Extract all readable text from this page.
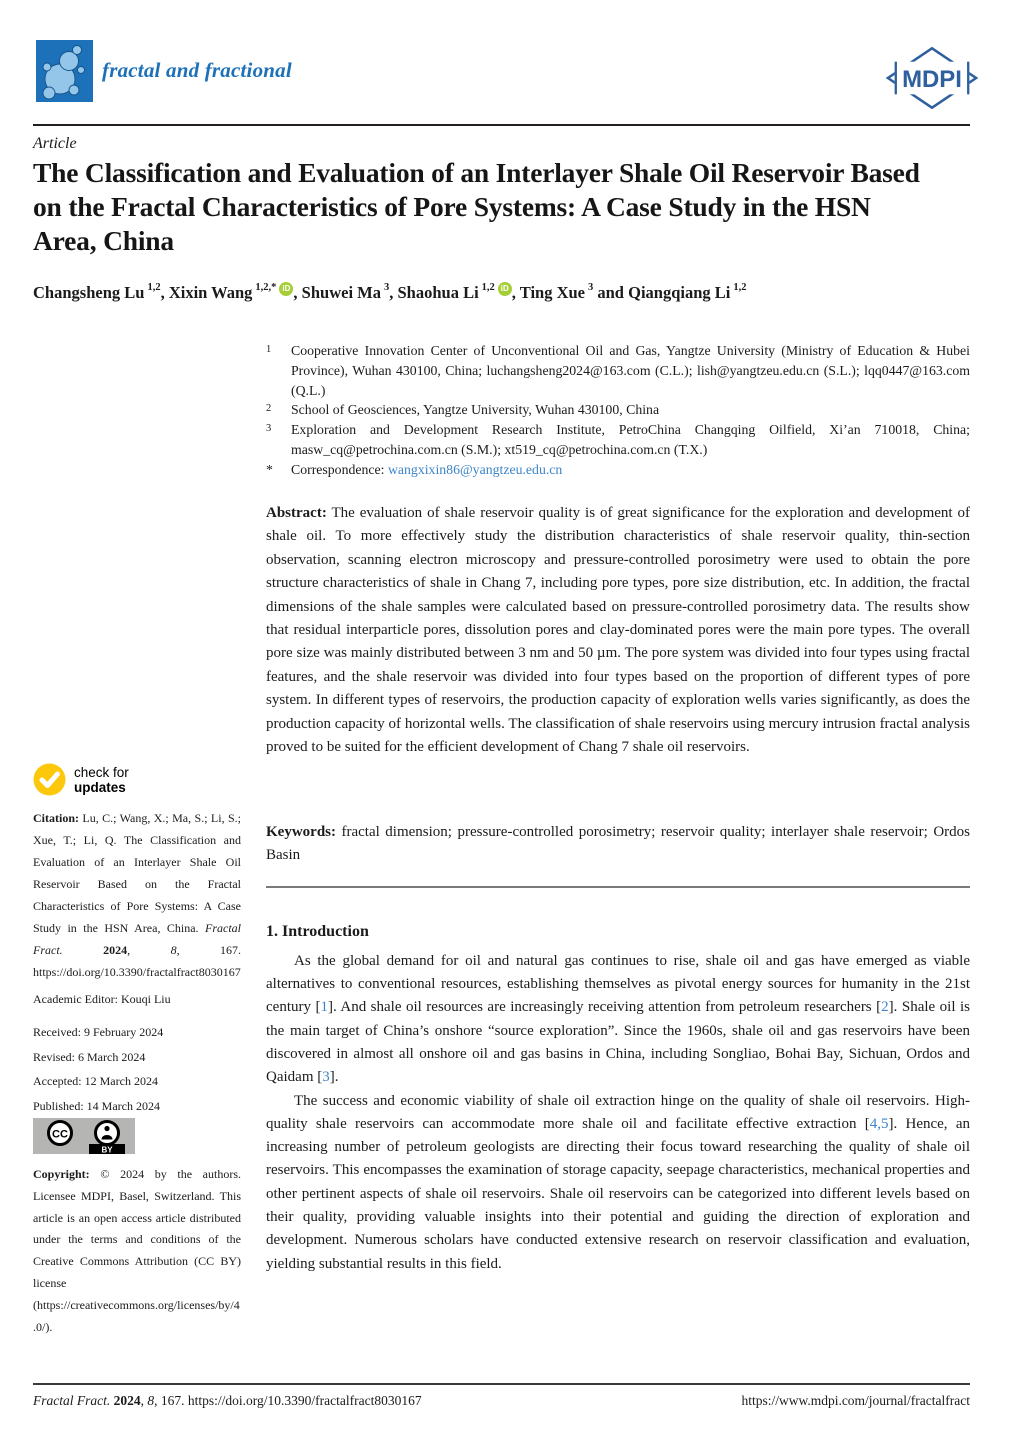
fractal and fractional	MDPI
Article
The Classification and Evaluation of an Interlayer Shale Oil Reservoir Based on the Fractal Characteristics of Pore Systems: A Case Study in the HSN Area, China
Changsheng Lu $^{1,2}$, Xixin Wang $^{1,2,*}$ iD , Shuwei Ma $^3$, Shaohua Li $^{1,2}$ iD , Ting Xue $^3$ and Qiangqiang Li $^{1,2}$
1	Cooperative Innovation Center of Unconventional Oil and Gas, Yangtze University (Ministry of Education & Hubei Province), Wuhan 430100, China; luchangsheng2024@163.com (C.L.); lish@yangtzeu.edu.cn (S.L.); lqq0447@163.com (Q.L.)
2	School of Geosciences, Yangtze University, Wuhan 430100, China
3	Exploration and Development Research Institute, PetroChina Changqing Oilfield, Xi’an 710018, China; masw_cq@petrochina.com.cn (S.M.); xt519_cq@petrochina.com.cn (T.X.)
*	Correspondence: wangxixin86@yangtzeu.edu.cn

Abstract: The evaluation of shale reservoir quality is of great significance for the exploration and development of shale oil. To more effectively study the distribution characteristics of shale reservoir quality, thin-section observation, scanning electron microscopy and pressure-controlled porosimetry were used to obtain the pore structure characteristics of shale in Chang 7, including pore types, pore size distribution, etc. In addition, the fractal dimensions of the shale samples were calculated based on pressure-controlled porosimetry data. The results show that residual interparticle pores, dissolution pores and clay-dominated pores were the main pore types. The overall pore size was mainly distributed between 3 nm and 50 µm. The pore system was divided into four types using fractal features, and the shale reservoir was divided into four types based on the proportion of different types of pore system. In different types of reservoirs, the production capacity of exploration wells varies significantly, as does the production capacity of horizontal wells. The classification of shale reservoirs using mercury intrusion fractal analysis proved to be suited for the efficient development of Chang 7 shale oil reservoirs.

Keywords: fractal dimension; pressure-controlled porosimetry; reservoir quality; interlayer shale reservoir; Ordos Basin

1. Introduction

As the global demand for oil and natural gas continues to rise, shale oil and gas have emerged as viable alternatives to conventional resources, establishing themselves as pivotal energy sources for humanity in the 21st century [1]. And shale oil resources are increasingly receiving attention from petroleum researchers [2]. Shale oil is the main target of China’s onshore “source exploration”. Since the 1960s, shale oil and gas reservoirs have been discovered in almost all onshore oil and gas basins in China, including Songliao, Bohai Bay, Sichuan, Ordos and Qaidam [3].

The success and economic viability of shale oil extraction hinge on the quality of shale oil reservoirs. High-quality shale reservoirs can accommodate more shale oil and facilitate effective extraction [4,5]. Hence, an increasing number of petroleum geologists are directing their focus toward researching the quality of shale oil reservoirs. This encompasses the examination of storage capacity, seepage characteristics, mechanical properties and other pertinent aspects of shale oil reservoirs. Shale oil reservoirs can be categorized into different levels based on their quality, providing valuable insights into their potential and guiding the direction of exploration and development. Numerous scholars have conducted extensive research on reservoir classification and evaluation, yielding substantial results in this field.

check for
updates

Citation: Lu, C.; Wang, X.; Ma, S.; Li, S.; Xue, T.; Li, Q. The Classification and Evaluation of an Interlayer Shale Oil Reservoir Based on the Fractal Characteristics of Pore Systems: A Case Study in the HSN Area, China. Fractal Fract.	2024, 8, 167. https://doi.org/10.3390/fractalfract8030167

Academic Editor: Kouqi Liu

Received: 9 February 2024
Revised: 6 March 2024
Accepted: 12 March 2024
Published: 14 March 2024
CC
BY

Copyright: © 2024 by the authors. Licensee MDPI, Basel, Switzerland. This article is an open access article distributed under the terms and conditions of the Creative Commons Attribution (CC BY) license (https://creativecommons.org/licenses/by/4.0/).

Fractal Fract. 2024, 8, 167. https://doi.org/10.3390/fractalfract8030167	https://www.mdpi.com/journal/fractalfract
